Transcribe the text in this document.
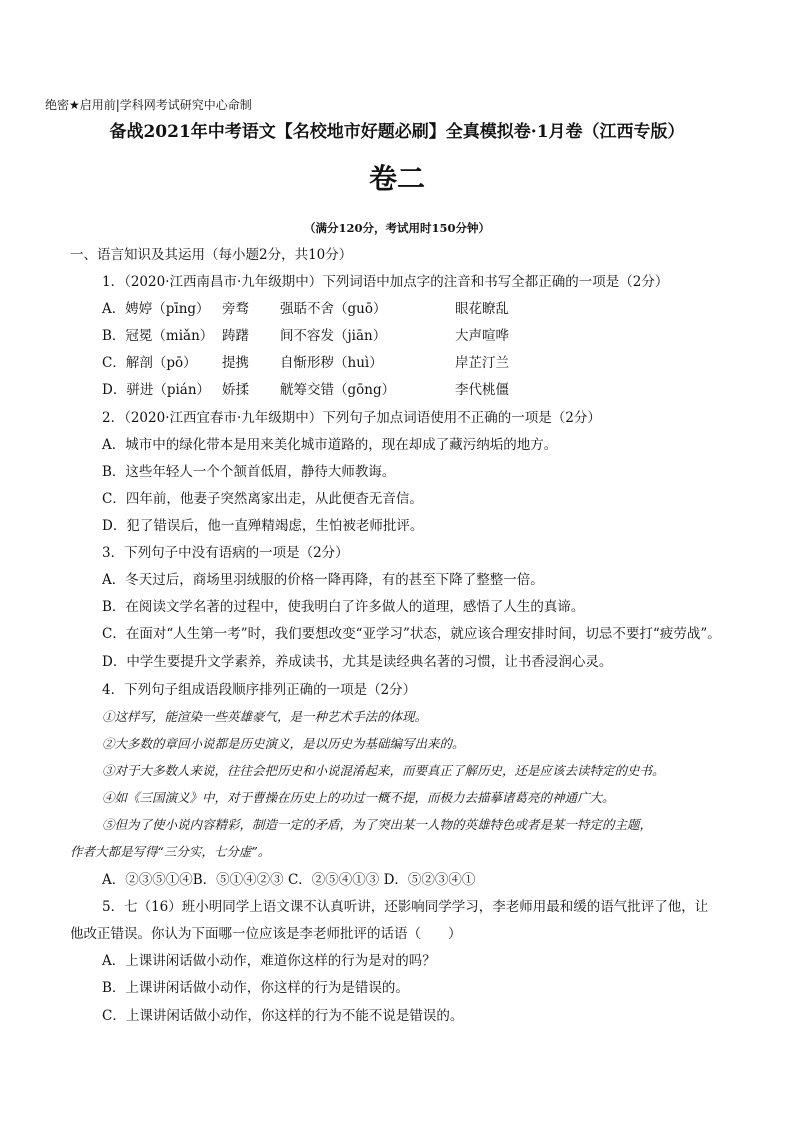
绝密★启用前|学科网考试研究中心命制
备战2021年中考语文【名校地市好题必刷】全真模拟卷·1月卷（江西专版）
卷二
（满分120分，考试用时150分钟）
一、语言知识及其运用（每小题2分，共10分）
1．（2020·江西南昌市·九年级期中）下列词语中加点字的注音和书写全都正确的一项是（2分）
A．娉婷（pīng） 旁骛 强聒不舍（guō）	眼花瞭乱
B．冠冕（miǎn） 踌躇 间不容发（jiān）	大声喧哗
C．解剖（pō） 提携 自惭形秽（huì）	岸芷汀兰
D．骈进（pián） 娇揉 觥筹交错（gōng）	李代桃僵
2．（2020·江西宜春市·九年级期中）下列句子加点词语使用不正确的一项是（2分）
A．城市中的绿化带本是用来美化城市道路的，现在却成了藏污纳垢的地方。
B．这些年轻人一个个颔首低眉，静待大师教诲。
C．四年前，他妻子突然离家出走，从此便杳无音信。
D．犯了错误后，他一直殚精竭虑，生怕被老师批评。
3．下列句子中没有语病的一项是（2分）
A．冬天过后，商场里羽绒服的价格一降再降，有的甚至下降了整整一倍。
B．在阅读文学名著的过程中，使我明白了许多做人的道理，感悟了人生的真谛。
C．在面对“人生第一考”时，我们要想改变“亚学习”状态，就应该合理安排时间，切忌不要打“疲劳战”。
D．中学生要提升文学素养，养成读书，尤其是读经典名著的习惯，让书香浸润心灵。
4．下列句子组成语段顺序排列正确的一项是（2分）
①这样写，能渲染一些英雄豪气，是一种艺术手法的体现。
②大多数的章回小说都是历史演义，是以历史为基础编写出来的。
③对于大多数人来说，往往会把历史和小说混淆起来，而要真正了解历史，还是应该去读特定的史书。
④如《三国演义》中，对于曹操在历史上的功过一概不提，而极力去描摹诸葛亮的神通广大。
⑤但为了使小说内容精彩，制造一定的矛盾，为了突出某一人物的英雄特色或者是某一特定的主题，
作者大都是写得“三分实，七分虚”。
A．②③⑤①④B．⑤①④②③ C．②⑤④①③ D．⑤②③④①
5．七（16）班小明同学上语文课不认真听讲，还影响同学学习，李老师用最和缓的语气批评了他，让
他改正错误。你认为下面哪一位应该是李老师批评的话语（　　）
A．上课讲闲话做小动作，难道你这样的行为是对的吗？
B．上课讲闲话做小动作，你这样的行为是错误的。
C．上课讲闲话做小动作，你这样的行为不能不说是错误的。
